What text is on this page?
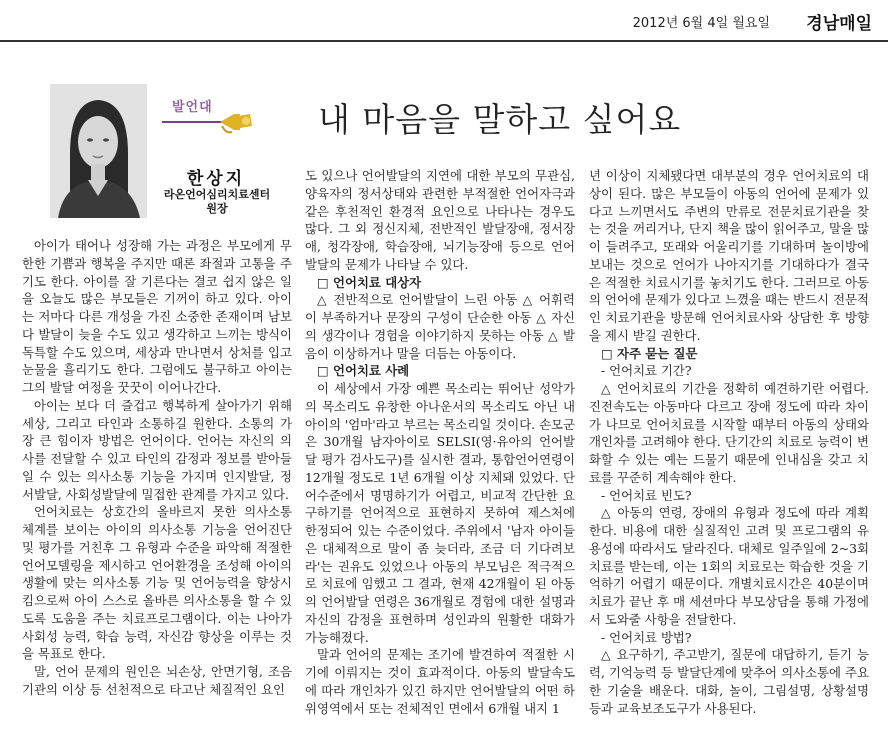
2012년 6월 4일 월요일 경남매일
발언대	내 마음을 말하고 싶어요
한상지
라온언어심리치료센터
원장

아이가 태어나 성장해 가는 과정은 부모에게 무한한 기쁨과 행복을 주지만 때론 좌절과 고통을 주기도 한다. 아이를 잘 기른다는 결코 쉽지 않은 일을 오늘도 많은 부모들은 기꺼이 하고 있다. 아이는 저마다 다른 개성을 가진 소중한 존재이며 남보다 발달이 늦을 수도 있고 생각하고 느끼는 방식이 독특할 수도 있으며, 세상과 만나면서 상처를 입고 눈물을 흘리기도 한다. 그럼에도 불구하고 아이는 그의 발달 여정을 꿋꿋이 이어나간다.

아이는 보다 더 즐겁고 행복하게 살아가기 위해 세상, 그리고 타인과 소통하길 원한다. 소통의 가장 큰 힘이자 방법은 언어이다. 언어는 자신의 의사를 전달할 수 있고 타인의 감정과 정보를 받아들일 수 있는 의사소통 기능을 가지며 인지발달, 정서발달, 사회성발달에 밀접한 관계를 가지고 있다.

언어치료는 상호간의 올바르지 못한 의사소통 체계를 보이는 아이의 의사소통 기능을 언어진단 및 평가를 거친후 그 유형과 수준을 파악해 적절한 언어모델링을 제시하고 언어환경을 조성해 아이의 생활에 맞는 의사소통 기능 및 언어능력을 향상시킴으로써 아이 스스로 올바른 의사소통을 할 수 있도록 도움을 주는 치료프로그램이다. 이는 나아가 사회성 능력, 학습 능력, 자신감 향상을 이루는 것을 목표로 한다.

말, 언어 문제의 원인은 뇌손상, 안면기형, 조음기관의 이상 등 선천적으로 타고난 체질적인 요인

도 있으나 언어발달의 지연에 대한 부모의 무관심, 양육자의 정서상태와 관련한 부적절한 언어자극과 같은 후천적인 환경적 요인으로 나타나는 경우도 많다. 그 외 정신지체, 전반적인 발달장애, 정서장애, 청각장애, 학습장애, 뇌기능장애 등으로 언어발달의 문제가 나타날 수 있다.

□ 언어치료 대상자

△ 전반적으로 언어발달이 느린 아동 △ 어휘력이 부족하거나 문장의 구성이 단순한 아동 △ 자신의 생각이나 경험을 이야기하지 못하는 아동 △ 발음이 이상하거나 말을 더듬는 아동이다.

□ 언어치료 사례

이 세상에서 가장 예쁜 목소리는 뛰어난 성악가의 목소리도 유창한 아나운서의 목소리도 아닌 내 아이의 '엄마'라고 부르는 목소리일 것이다. 손모군은 30개월 남자아이로 SELSI(영·유아의 언어발달 평가 검사도구)를 실시한 결과, 통합언어연령이 12개월 정도로 1년 6개월 이상 지체돼 있었다. 단어수준에서 명명하기가 어렵고, 비교적 간단한 요구하기를 언어적으로 표현하지 못하여 제스처에 한정되어 있는 수준이었다. 주위에서 '남자 아이들은 대체적으로 말이 좀 늦더라, 조금 더 기다려보라'는 권유도 있었으나 아동의 부모님은 적극적으로 치료에 임했고 그 결과, 현재 42개월이 된 아동의 언어발달 연령은 36개월로 경험에 대한 설명과 자신의 감정을 표현하며 성인과의 원활한 대화가 가능해졌다.

말과 언어의 문제는 조기에 발견하여 적절한 시기에 이뤄지는 것이 효과적이다. 아동의 발달속도에 따라 개인차가 있긴 하지만 언어발달의 어떤 하위영역에서 또는 전체적인 면에서 6개월 내지 1

년 이상이 지체됐다면 대부분의 경우 언어치료의 대상이 된다. 많은 부모들이 아동의 언어에 문제가 있다고 느끼면서도 주변의 만류로 전문치료기관을 찾는 것을 꺼리거나, 단지 책을 많이 읽어주고, 말을 많이 들려주고, 또래와 어울리기를 기대하며 놀이방에 보내는 것으로 언어가 나아지기를 기대하다가 결국은 적절한 치료시기를 놓치기도 한다. 그러므로 아동의 언어에 문제가 있다고 느꼈을 때는 반드시 전문적인 치료기관을 방문해 언어치료사와 상담한 후 방향을 제시 받길 권한다.

□ 자주 묻는 질문

- 언어치료 기간?

△ 언어치료의 기간을 정확히 예견하기란 어렵다. 진전속도는 아동마다 다르고 장애 정도에 따라 차이가 나므로 언어치료를 시작할 때부터 아동의 상태와 개인차를 고려해야 한다. 단기간의 치료로 능력이 변화할 수 있는 예는 드물기 때문에 인내심을 갖고 치료를 꾸준히 계속해야 한다.

- 언어치료 빈도?

△ 아동의 연령, 장애의 유형과 정도에 따라 계획한다. 비용에 대한 실질적인 고려 및 프로그램의 유용성에 따라서도 달라진다. 대체로 일주일에 2~3회 치료를 받는데, 이는 1회의 치료로는 학습한 것을 기억하기 어렵기 때문이다. 개별치료시간은 40분이며 치료가 끝난 후 매 세션마다 부모상담을 통해 가정에서 도와줄 사항을 전달한다.

- 언어치료 방법?

△ 요구하기, 주고받기, 질문에 대답하기, 듣기 능력, 기억능력 등 발달단계에 맞추어 의사소통에 주요한 기술을 배운다. 대화, 놀이, 그림설명, 상황설명 등과 교육보조도구가 사용된다.
